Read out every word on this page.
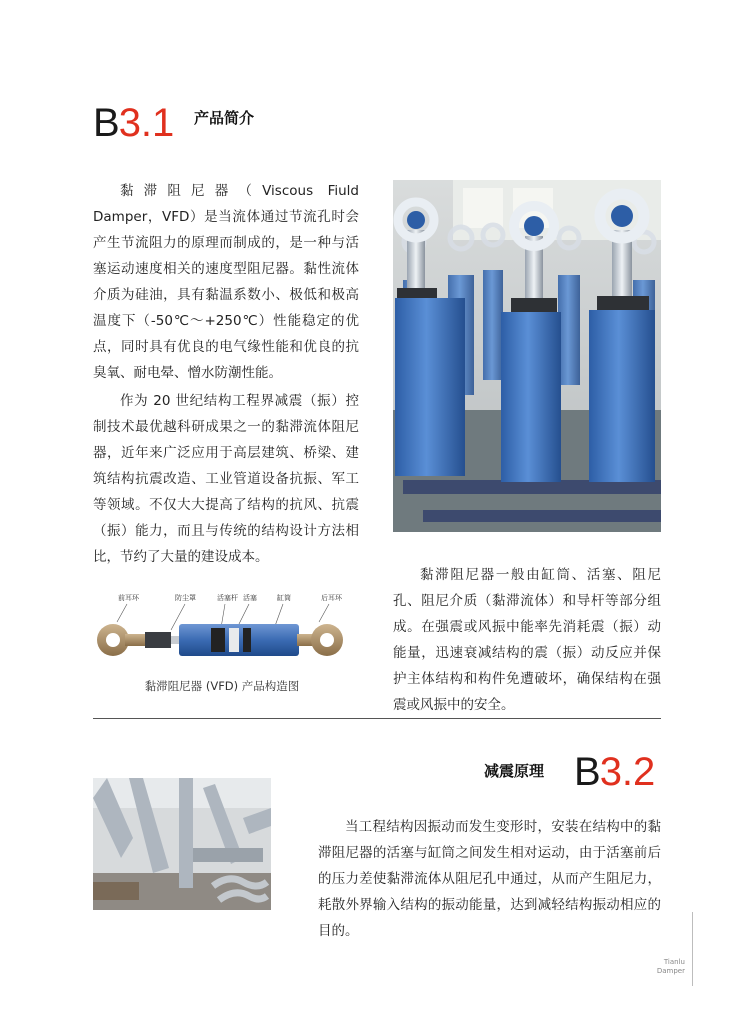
B3.1 产品简介

黏滞阻尼器（Viscous Fiuld Damper，VFD）是当流体通过节流孔时会产生节流阻力的原理而制成的，是一种与活塞运动速度相关的速度型阻尼器。黏性流体介质为硅油，具有黏温系数小、极低和极高温度下（-50℃～+250℃）性能稳定的优点，同时具有优良的电气缘性能和优良的抗臭氧、耐电晕、憎水防潮性能。

作为 20 世纪结构工程界减震（振）控制技术最优越科研成果之一的黏滞流体阻尼器，近年来广泛应用于高层建筑、桥梁、建筑结构抗震改造、工业管道设备抗振、军工等领域。不仅大大提高了结构的抗风、抗震（振）能力，而且与传统的结构设计方法相比，节约了大量的建设成本。

前耳环	防尘罩	活塞杆 活塞	缸筒	后耳环
黏滞阻尼器 (VFD) 产品构造图

黏滞阻尼器一般由缸筒、活塞、阻尼孔、阻尼介质（黏滞流体）和导杆等部分组成。在强震或风振中能率先消耗震（振）动能量，迅速衰减结构的震（振）动反应并保护主体结构和构件免遭破坏，确保结构在强震或风振中的安全。

减震原理 B3.2

当工程结构因振动而发生变形时，安装在结构中的黏滞阻尼器的活塞与缸筒之间发生相对运动，由于活塞前后的压力差使黏滞流体从阻尼孔中通过，从而产生阻尼力，耗散外界输入结构的振动能量，达到减轻结构振动相应的目的。

Tianlu
Damper
